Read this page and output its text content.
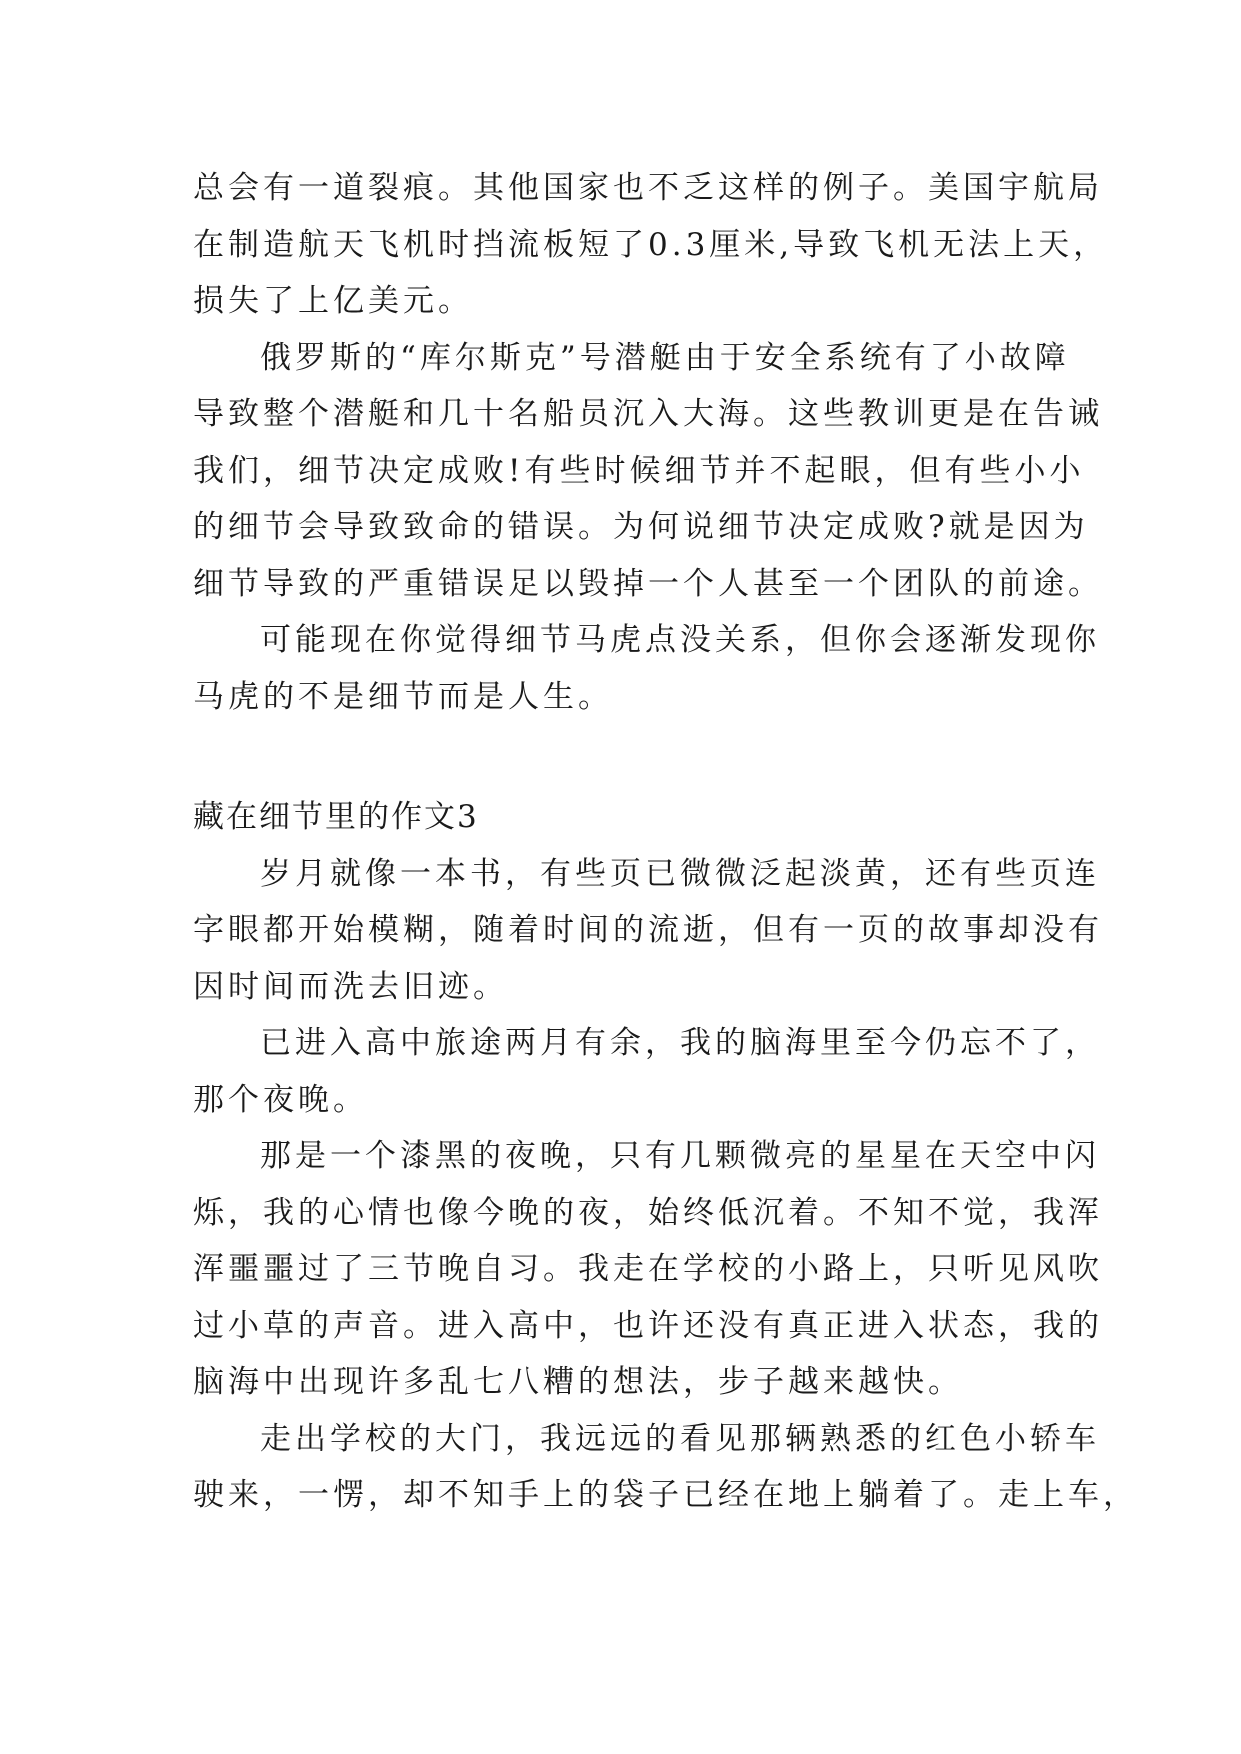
总会有一道裂痕。其他国家也不乏这样的例子。美国宇航局
在制造航天飞机时挡流板短了0.3厘米,导致飞机无法上天，
损失了上亿美元。
俄罗斯的“库尔斯克”号潜艇由于安全系统有了小故障
导致整个潜艇和几十名船员沉入大海。这些教训更是在告诫
我们，细节决定成败!有些时候细节并不起眼，但有些小小
的细节会导致致命的错误。为何说细节决定成败?就是因为
细节导致的严重错误足以毁掉一个人甚至一个团队的前途。
可能现在你觉得细节马虎点没关系，但你会逐渐发现你
马虎的不是细节而是人生。
藏在细节里的作文3
岁月就像一本书，有些页已微微泛起淡黄，还有些页连
字眼都开始模糊，随着时间的流逝，但有一页的故事却没有
因时间而洗去旧迹。
已进入高中旅途两月有余，我的脑海里至今仍忘不了，
那个夜晚。
那是一个漆黑的夜晚，只有几颗微亮的星星在天空中闪
烁，我的心情也像今晚的夜，始终低沉着。不知不觉，我浑
浑噩噩过了三节晚自习。我走在学校的小路上，只听见风吹
过小草的声音。进入高中，也许还没有真正进入状态，我的
脑海中出现许多乱七八糟的想法，步子越来越快。
走出学校的大门，我远远的看见那辆熟悉的红色小轿车
驶来，一愣，却不知手上的袋子已经在地上躺着了。走上车，
